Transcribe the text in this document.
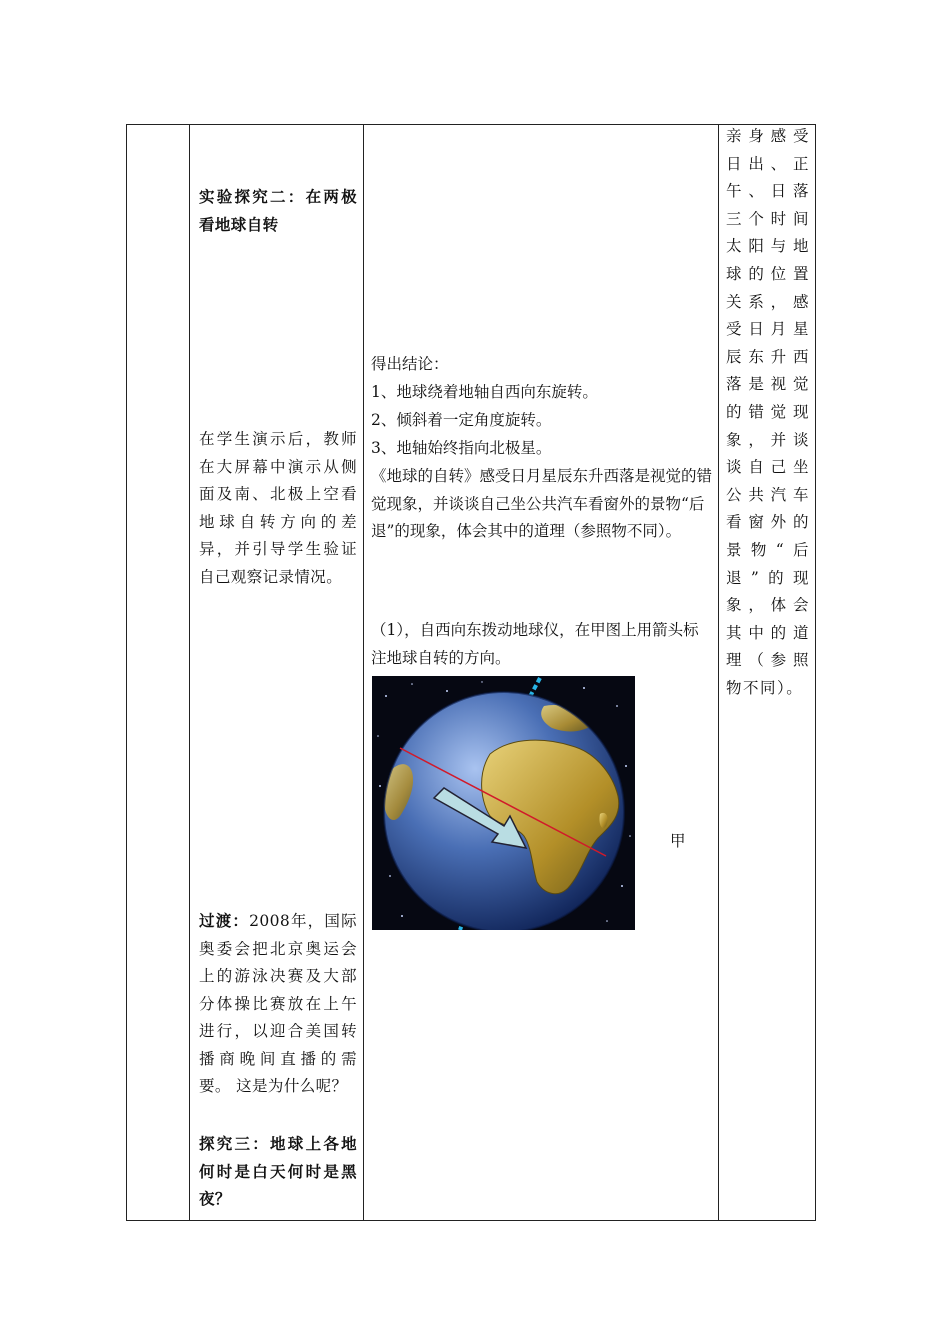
实验探究二：在两极看地球自转

在学生演示后，教师在大屏幕中演示从侧面及南、北极上空看地球自转方向的差异，并引导学生验证自己观察记录情况。

过渡：2008年，国际奥委会把北京奥运会上的游泳决赛及大部分体操比赛放在上午进行，以迎合美国转播商晚间直播的需要。 这是为什么呢？

探究三：地球上各地何时是白天何时是黑夜？

得出结论：

1、地球绕着地轴自西向东旋转。

2、倾斜着一定角度旋转。

3、地轴始终指向北极星。

《地球的自转》感受日月星辰东升西落是视觉的错觉现象，并谈谈自己坐公共汽车看窗外的景物“后退”的现象，体会其中的道理（参照物不同）。

（1），自西向东拨动地球仪，在甲图上用箭头标注地球自转的方向。

甲

亲身感受日出、正午、日落三个时间太阳与地球的位置关系，感受日月星辰东升西落是视觉的错觉现象，并谈谈自己坐公共汽车看窗外的景物“后退”的现象，体会其中的道理（参照物不同）。
